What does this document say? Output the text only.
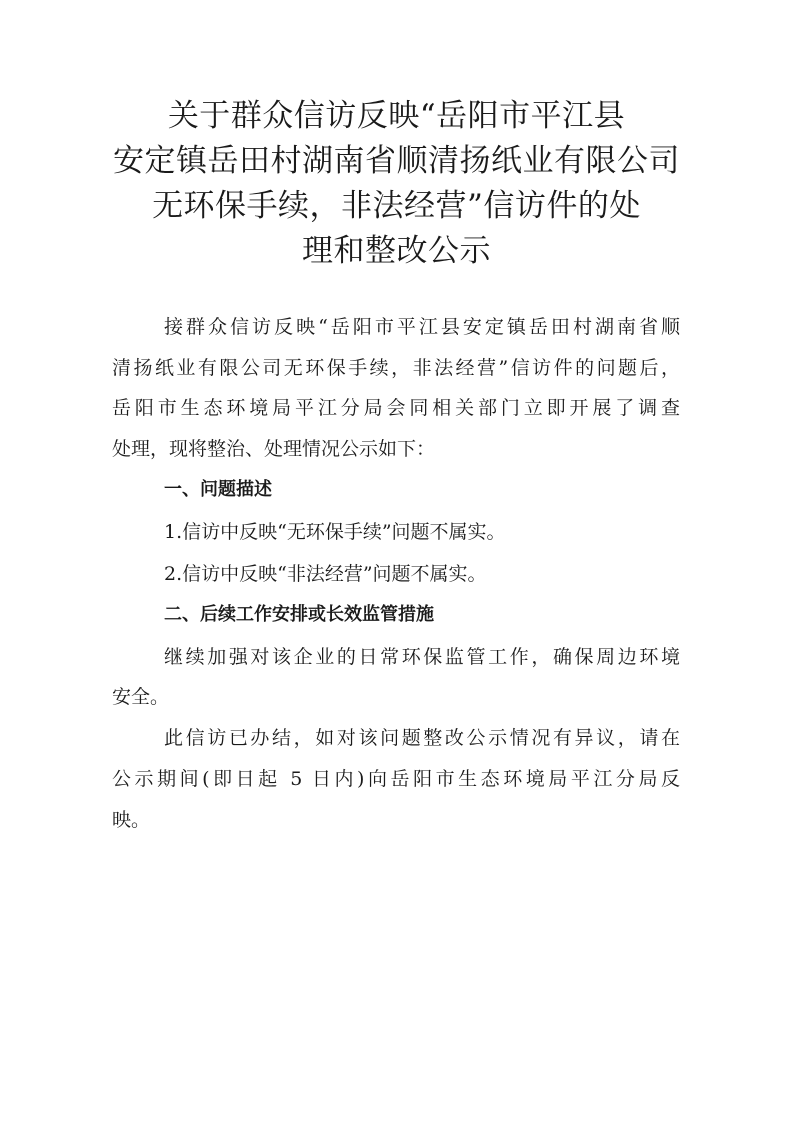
关于群众信访反映“岳阳市平江县
安定镇岳田村湖南省顺清扬纸业有限公司
无环保手续，非法经营”信访件的处
理和整改公示
接群众信访反映“岳阳市平江县安定镇岳田村湖南省顺
清扬纸业有限公司无环保手续，非法经营”信访件的问题后，
岳阳市生态环境局平江分局会同相关部门立即开展了调查
处理，现将整治、处理情况公示如下：
一、问题描述
1.信访中反映“无环保手续”问题不属实。
2.信访中反映“非法经营”问题不属实。
二、后续工作安排或长效监管措施
继续加强对该企业的日常环保监管工作，确保周边环境
安全。
此信访已办结，如对该问题整改公示情况有异议，请在
公示期间(即日起 5 日内)向岳阳市生态环境局平江分局反
映。
